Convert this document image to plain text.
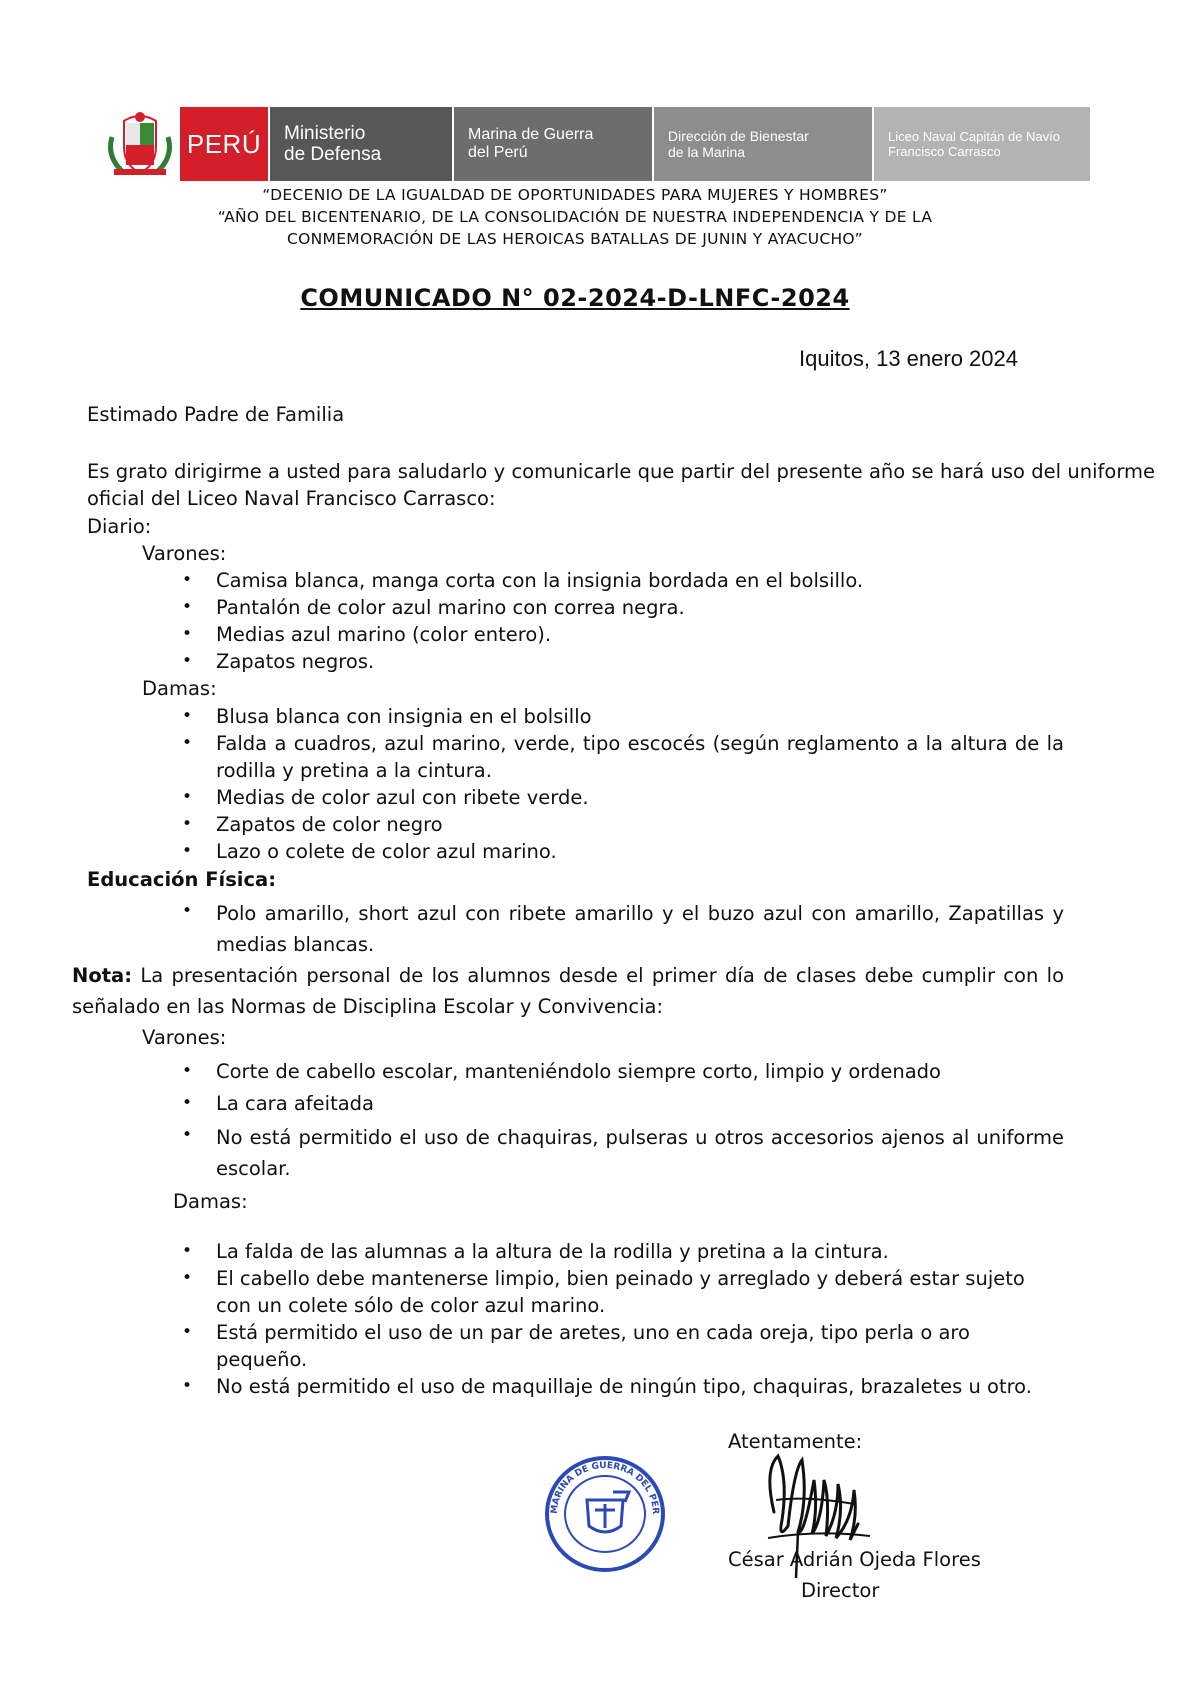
PERÚ	Ministerio
de Defensa
Marina de Guerra
del Perú
Dirección de Bienestar
de la Marina
Liceo Naval Capitán de Navío
Francisco Carrasco
“DECENIO DE LA IGUALDAD DE OPORTUNIDADES PARA MUJERES Y HOMBRES”
“AÑO DEL BICENTENARIO, DE LA CONSOLIDACIÓN DE NUESTRA INDEPENDENCIA Y DE LA
CONMEMORACIÓN DE LAS HEROICAS BATALLAS DE JUNIN Y AYACUCHO”
COMUNICADO N° 02-2024-D-LNFC-2024
Iquitos, 13 enero 2024
Estimado Padre de Familia
Es grato dirigirme a usted para saludarlo y comunicarle que partir del presente año se hará uso del uniforme oficial del Liceo Naval Francisco Carrasco:
Diario:
Varones:
• Camisa blanca, manga corta con la insignia bordada en el bolsillo.
• Pantalón de color azul marino con correa negra.
• Medias azul marino (color entero).
• Zapatos negros.
Damas:
• Blusa blanca con insignia en el bolsillo
• Falda a cuadros, azul marino, verde, tipo escocés (según reglamento a la altura de la rodilla y pretina a la cintura.
• Medias de color azul con ribete verde.
• Zapatos de color negro
• Lazo o colete de color azul marino.
Educación Física:
• Polo amarillo, short azul con ribete amarillo y el buzo azul con amarillo, Zapatillas y medias blancas.
Nota: La presentación personal de los alumnos desde el primer día de clases debe cumplir con lo señalado en las Normas de Disciplina Escolar y Convivencia:
Varones:
• Corte de cabello escolar, manteniéndolo siempre corto, limpio y ordenado
• La cara afeitada
• No está permitido el uso de chaquiras, pulseras u otros accesorios ajenos al uniforme escolar.
Damas:
• La falda de las alumnas a la altura de la rodilla y pretina a la cintura.
• El cabello debe mantenerse limpio, bien peinado y arreglado y deberá estar sujeto con un colete sólo de color azul marino.
• Está permitido el uso de un par de aretes, uno en cada oreja, tipo perla o aro pequeño.
• No está permitido el uso de maquillaje de ningún tipo, chaquiras, brazaletes u otro.
Atentamente:
MARINA DE GUERRA DEL PER
César Adrián Ojeda Flores
Director
